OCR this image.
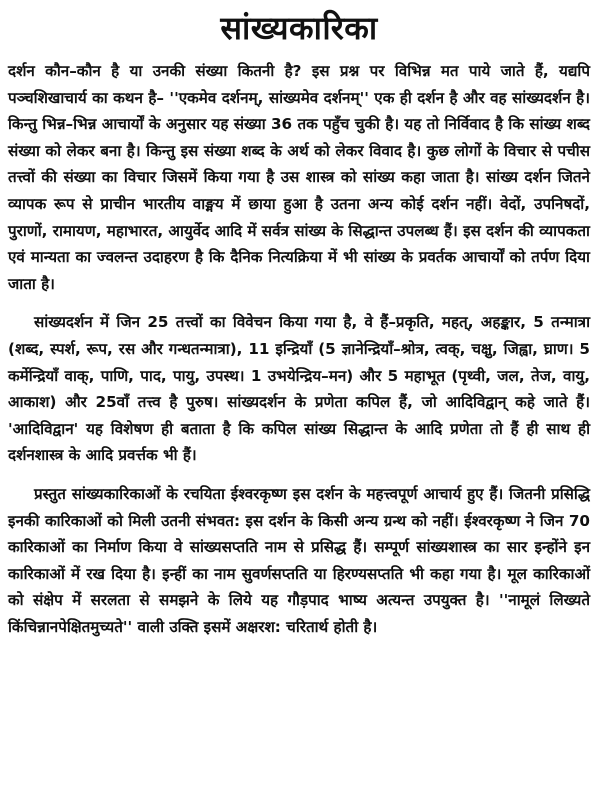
सांख्यकारिका

दर्शन कौन–कौन है या उनकी संख्या कितनी है? इस प्रश्न पर विभिन्न मत पाये जाते हैं, यद्यपि पञ्चशिखाचार्य का कथन है– ''एकमेव दर्शनम्, सांख्यमेव दर्शनम्'' एक ही दर्शन है और वह सांख्यदर्शन है। किन्तु भिन्न–भिन्न आचार्यों के अनुसार यह संख्या 36 तक पहुँच चुकी है। यह तो निर्विवाद है कि सांख्य शब्द संख्या को लेकर बना है। किन्तु इस संख्या शब्द के अर्थ को लेकर विवाद है। कुछ लोगों के विचार से पचीस तत्त्वों की संख्या का विचार जिसमें किया गया है उस शास्त्र को सांख्य कहा जाता है। सांख्य दर्शन जितने व्यापक रूप से प्राचीन भारतीय वाङ्मय में छाया हुआ है उतना अन्य कोई दर्शन नहीं। वेदों, उपनिषदों, पुराणों, रामायण, महाभारत, आयुर्वेद आदि में सर्वत्र सांख्य के सिद्धान्त उपलब्ध हैं। इस दर्शन की व्यापकता एवं मान्यता का ज्वलन्त उदाहरण है कि दैनिक नित्यक्रिया में भी सांख्य के प्रवर्तक आचार्यों को तर्पण दिया जाता है।

सांख्यदर्शन में जिन 25 तत्त्वों का विवेचन किया गया है, वे हैं–प्रकृति, महत्, अहङ्कार, 5 तन्मात्रा (शब्द, स्पर्श, रूप, रस और गन्धतन्मात्रा), 11 इन्द्रियाँ (5 ज्ञानेन्द्रियाँ–श्रोत्र, त्वक्, चक्षु, जिह्वा, घ्राण। 5 कर्मेन्द्रियाँ वाक्, पाणि, पाद, पायु, उपस्थ। 1 उभयेन्द्रिय–मन) और 5 महाभूत (पृथ्वी, जल, तेज, वायु, आकाश) और 25वाँ तत्त्व है पुरुष। सांख्यदर्शन के प्रणेता कपिल हैं, जो आदिविद्वान् कहे जाते हैं। 'आदिविद्वान' यह विशेषण ही बताता है कि कपिल सांख्य सिद्धान्त के आदि प्रणेता तो हैं ही साथ ही दर्शनशास्त्र के आदि प्रवर्त्तक भी हैं।

प्रस्तुत सांख्यकारिकाओं के रचयिता ईश्वरकृष्ण इस दर्शन के महत्त्वपूर्ण आचार्य हुए हैं। जितनी प्रसिद्धि इनकी कारिकाओं को मिली उतनी संभवत: इस दर्शन के किसी अन्य ग्रन्थ को नहीं। ईश्वरकृष्ण ने जिन 70 कारिकाओं का निर्माण किया वे सांख्यसप्तति नाम से प्रसिद्ध हैं। सम्पूर्ण सांख्यशास्त्र का सार इन्होंने इन कारिकाओं में रख दिया है। इन्हीं का नाम सुवर्णसप्तति या हिरण्यसप्तति भी कहा गया है। मूल कारिकाओं को संक्षेप में सरलता से समझने के लिये यह गौड़पाद भाष्य अत्यन्त उपयुक्त है। ''नामूलं लिख्यते किंचिन्नानपेक्षितमुच्यते'' वाली उक्ति इसमें अक्षरश: चरितार्थ होती है।
